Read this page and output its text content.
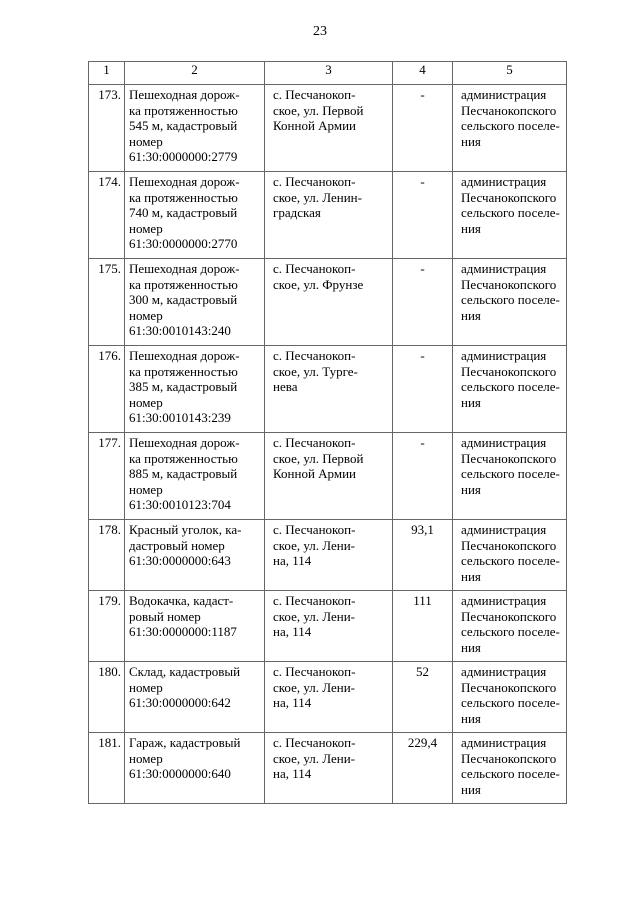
23
1	2	3	4	5
173.	Пешеходная дорож-
ка протяженностью
545 м, кадастровый
номер
61:30:0000000:2779	с. Песчанокоп-
ское, ул. Первой
Конной Армии	-	администрация
Песчанокопского
сельского поселе-
ния

174.	Пешеходная дорож-
ка протяженностью
740 м, кадастровый
номер
61:30:0000000:2770	с. Песчанокоп-
ское, ул. Ленин-
градская	-	администрация
Песчанокопского
сельского поселе-
ния

175.	Пешеходная дорож-
ка протяженностью
300 м, кадастровый
номер
61:30:0010143:240	с. Песчанокоп-
ское, ул. Фрунзе	-	администрация
Песчанокопского
сельского поселе-
ния

176.	Пешеходная дорож-
ка протяженностью
385 м, кадастровый
номер
61:30:0010143:239	с. Песчанокоп-
ское, ул. Турге-
нева	-	администрация
Песчанокопского
сельского поселе-
ния

177.	Пешеходная дорож-
ка протяженностью
885 м, кадастровый
номер
61:30:0010123:704	с. Песчанокоп-
ское, ул. Первой
Конной Армии	-	администрация
Песчанокопского
сельского поселе-
ния

178.	Красный уголок, ка-
дастровый номер
61:30:0000000:643	с. Песчанокоп-
ское, ул. Лени-
на, 114	93,1	администрация
Песчанокопского
сельского поселе-
ния

179.	Водокачка, кадаст-
ровый номер
61:30:0000000:1187	с. Песчанокоп-
ское, ул. Лени-
на, 114	111	администрация
Песчанокопского
сельского поселе-
ния

180.	Склад, кадастровый
номер
61:30:0000000:642	с. Песчанокоп-
ское, ул. Лени-
на, 114	52	администрация
Песчанокопского
сельского поселе-
ния

181.	Гараж, кадастровый
номер
61:30:0000000:640	с. Песчанокоп-
ское, ул. Лени-
на, 114	229,4	администрация
Песчанокопского
сельского поселе-
ния
